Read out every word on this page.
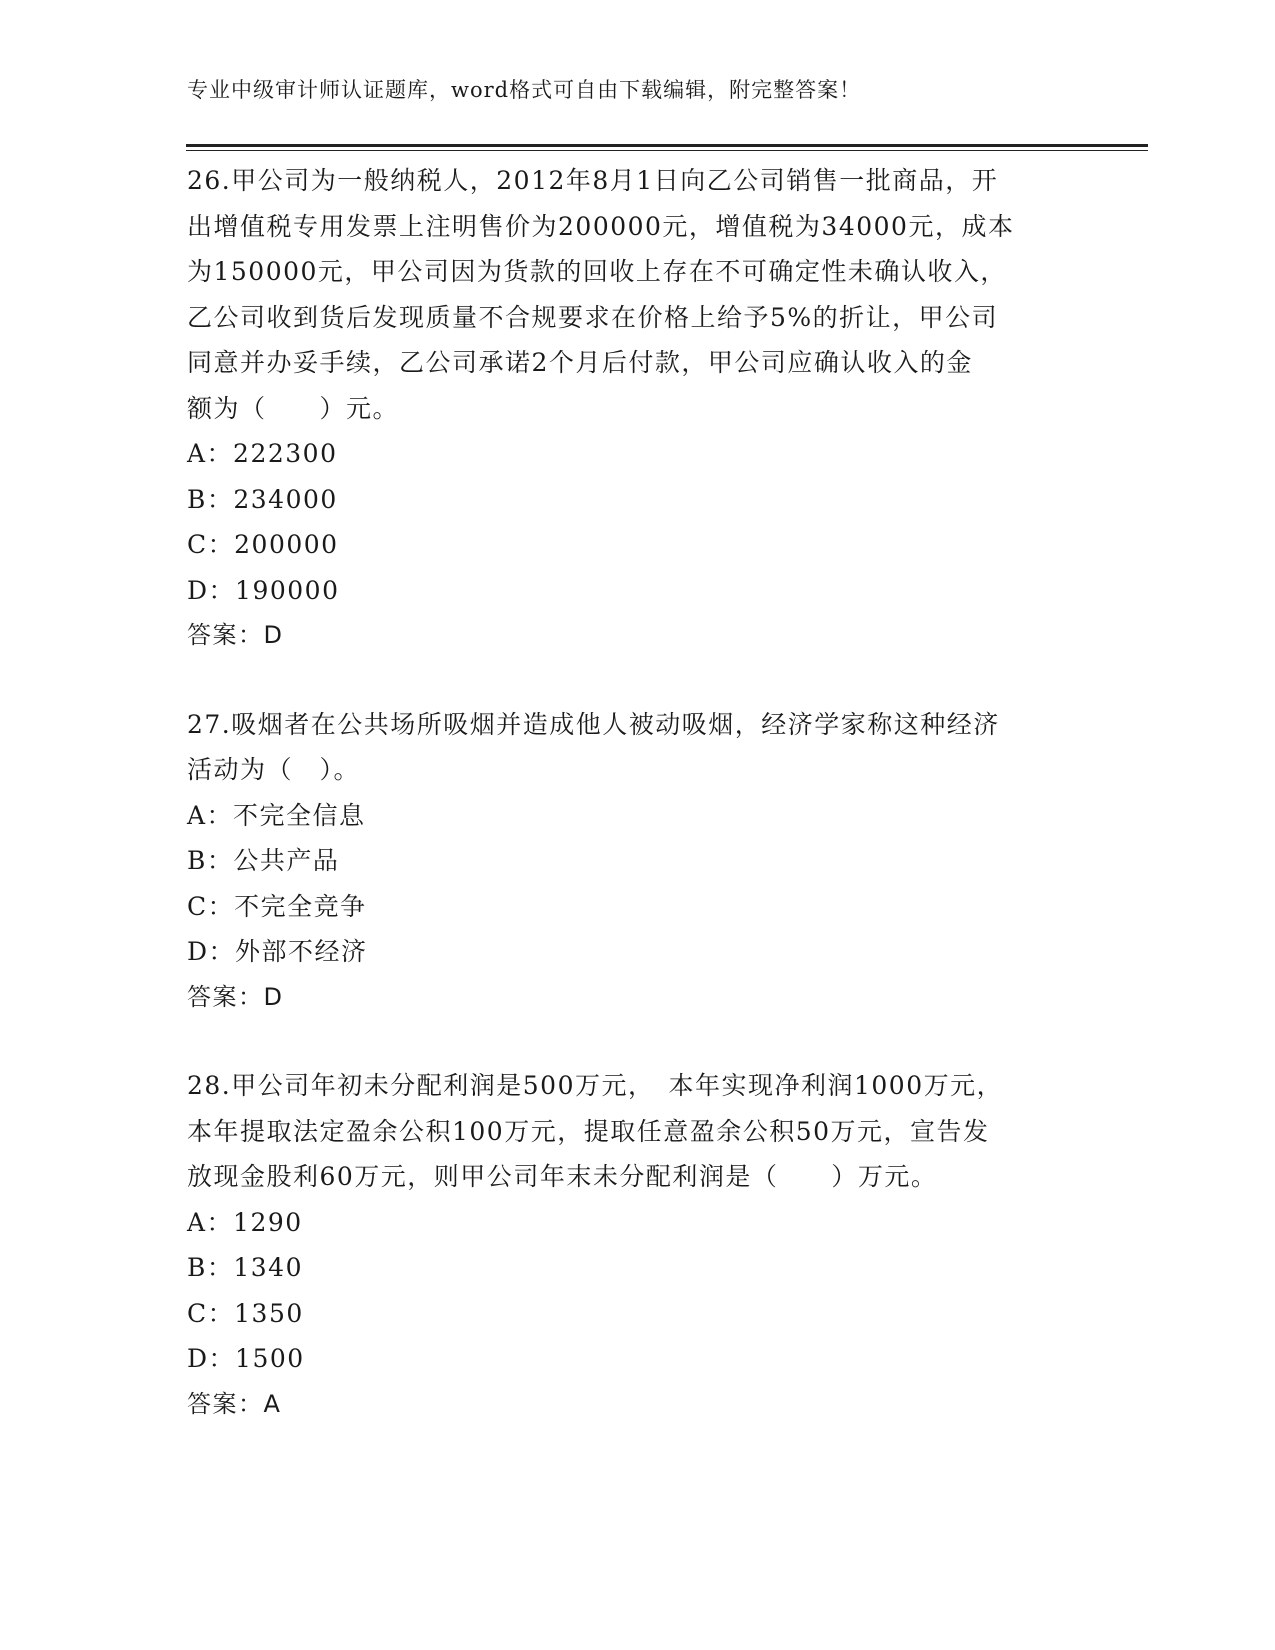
专业中级审计师认证题库，word格式可自由下载编辑，附完整答案！
26.甲公司为一般纳税人，2012年8月1日向乙公司销售一批商品，开
出增值税专用发票上注明售价为200000元，增值税为34000元，成本
为150000元，甲公司因为货款的回收上存在不可确定性未确认收入，
乙公司收到货后发现质量不合规要求在价格上给予5%的折让，甲公司
同意并办妥手续，乙公司承诺2个月后付款，甲公司应确认收入的金
额为（　　）元。
A：222300
B：234000
C：200000
D：190000
答案：D
27.吸烟者在公共场所吸烟并造成他人被动吸烟，经济学家称这种经济
活动为（　）。
A：不完全信息
B：公共产品
C：不完全竞争
D：外部不经济
答案：D
28.甲公司年初未分配利润是500万元，　本年实现净利润1000万元，
本年提取法定盈余公积100万元，提取任意盈余公积50万元，宣告发
放现金股利60万元，则甲公司年末未分配利润是（　　）万元。
A：1290
B：1340
C：1350
D：1500
答案：A
